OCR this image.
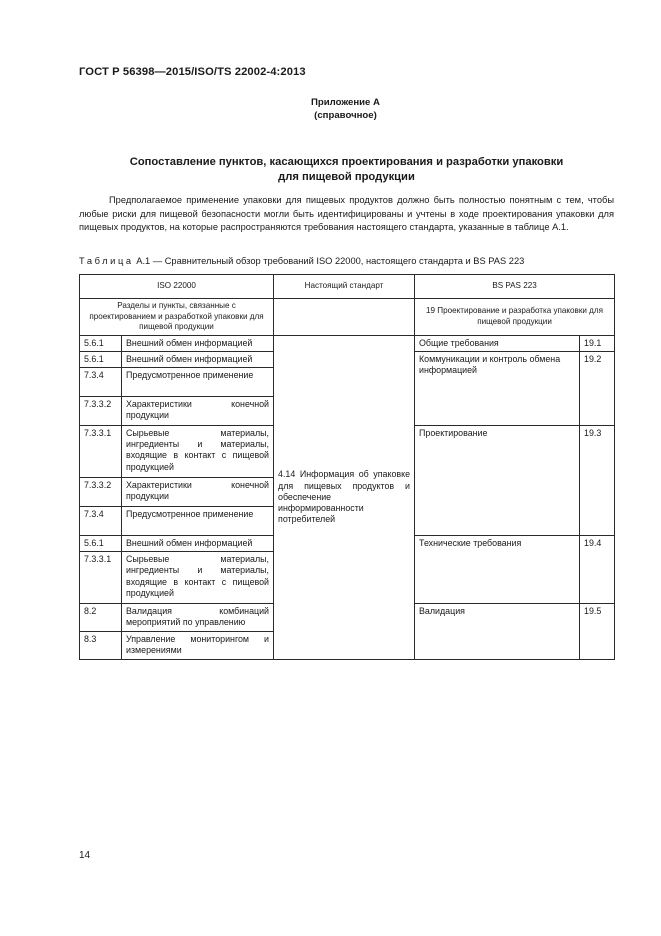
ГОСТ Р 56398—2015/ISO/TS 22002-4:2013
Приложение А
(справочное)
Сопоставление пунктов, касающихся проектирования и разработки упаковки
для пищевой продукции

Предполагаемое применение упаковки для пищевых продуктов должно быть полностью понятным с тем, чтобы любые риски для пищевой безопасности могли быть идентифицированы и учтены в ходе проектирования упаковки для пищевых продуктов, на которые распространяются требования настоящего стандарта, указанные в таблице А.1.

Таблица А.1 — Сравнительный обзор требований ISO 22000, настоящего стандарта и BS PAS 223
ISO 22000		Настоящий стандарт	BS PAS 223	
Разделы и пункты, связанные с проектированием и разработкой упаковки для пищевой продукции			19 Проектирование и разработка упаковки для пищевой продукции	
5.6.1	Внешний обмен информацией	4.14 Информация об упаковке для пищевых продуктов и обеспечение информированности потребителей	Общие требования	19.1
5.6.1	Внешний обмен информацией		Коммуникации и контроль обмена информацией	19.2
7.3.4	Предусмотренное применение			
7.3.3.2	Характеристики конечной продукции			
7.3.3.1	Сырьевые материалы, ингредиенты и материалы, входящие в контакт с пищевой продукцией		Проектирование	19.3
7.3.3.2	Характеристики конечной продукции			
7.3.4	Предусмотренное применение			
5.6.1	Внешний обмен информацией		Технические требования	19.4
7.3.3.1	Сырьевые материалы, ингредиенты и материалы, входящие в контакт с пищевой продукцией			
8.2	Валидация комбинаций мероприятий по управлению		Валидация	19.5
8.3	Управление мониторингом и измерениями			
14
